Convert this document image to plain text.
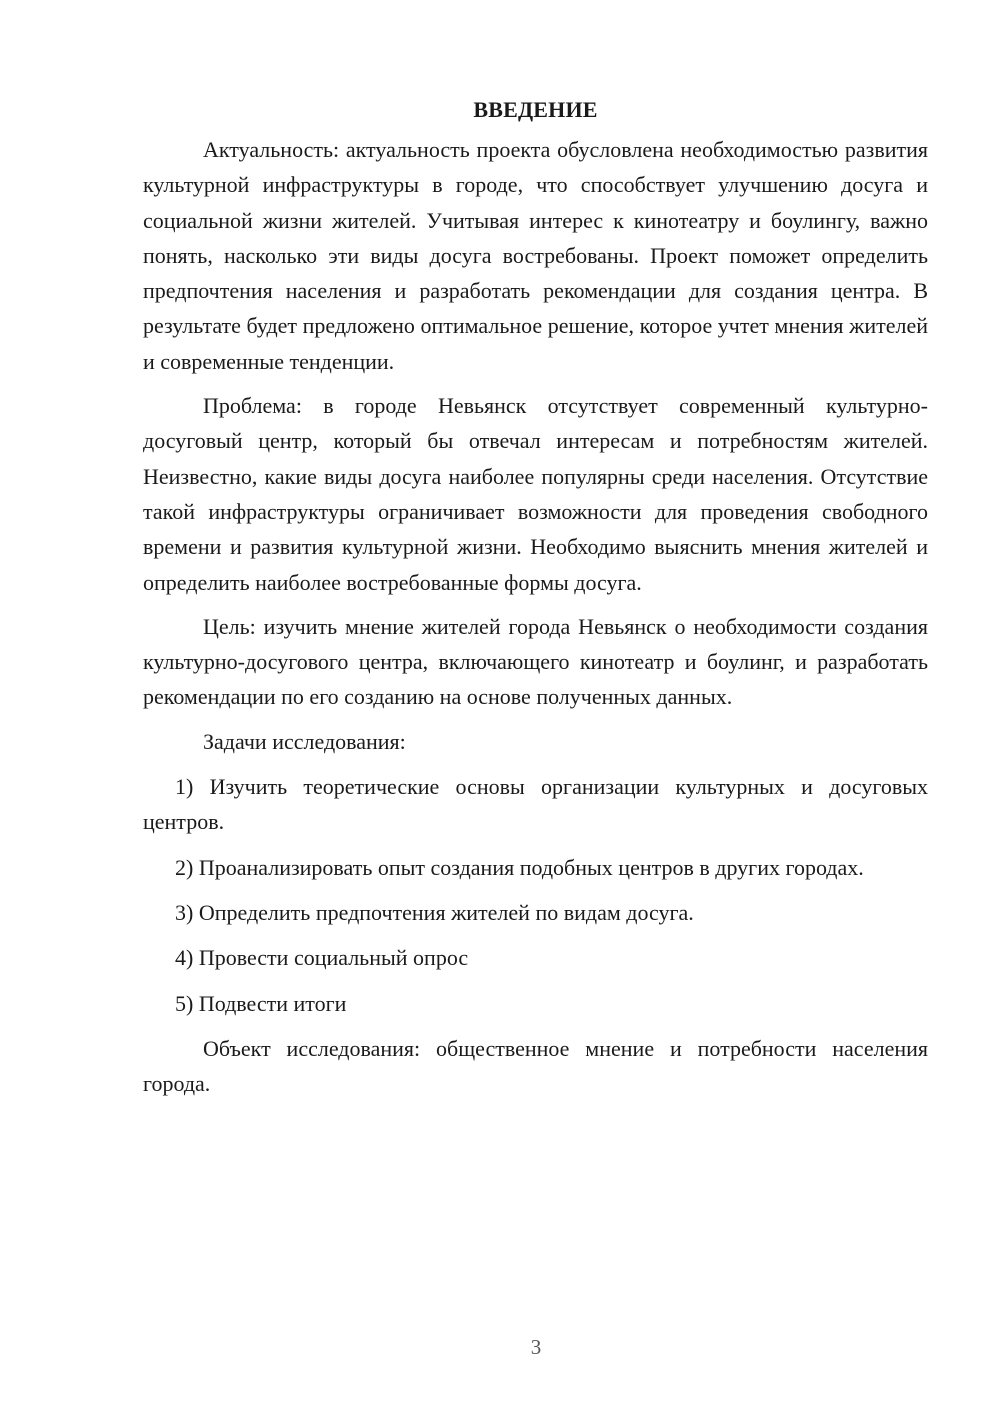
ВВЕДЕНИЕ

Актуальность: актуальность проекта обусловлена необходимостью развития культурной инфраструктуры в городе, что способствует улучшению досуга и социальной жизни жителей. Учитывая интерес к кинотеатру и боулингу, важно понять, насколько эти виды досуга востребованы. Проект поможет определить предпочтения населения и разработать рекомендации для создания центра. В результате будет предложено оптимальное решение, которое учтет мнения жителей и современные тенденции.

Проблема: в городе Невьянск отсутствует современный культурно-досуговый центр, который бы отвечал интересам и потребностям жителей. Неизвестно, какие виды досуга наиболее популярны среди населения. Отсутствие такой инфраструктуры ограничивает возможности для проведения свободного времени и развития культурной жизни. Необходимо выяснить мнения жителей и определить наиболее востребованные формы досуга.

Цель: изучить мнение жителей города Невьянск о необходимости создания культурно-досугового центра, включающего кинотеатр и боулинг, и разработать рекомендации по его созданию на основе полученных данных.

Задачи исследования:

1) Изучить теоретические основы организации культурных и досуговых центров.

2) Проанализировать опыт создания подобных центров в других городах.

3) Определить предпочтения жителей по видам досуга.

4) Провести социальный опрос

5) Подвести итоги

Объект исследования: общественное мнение и потребности населения города.

3
